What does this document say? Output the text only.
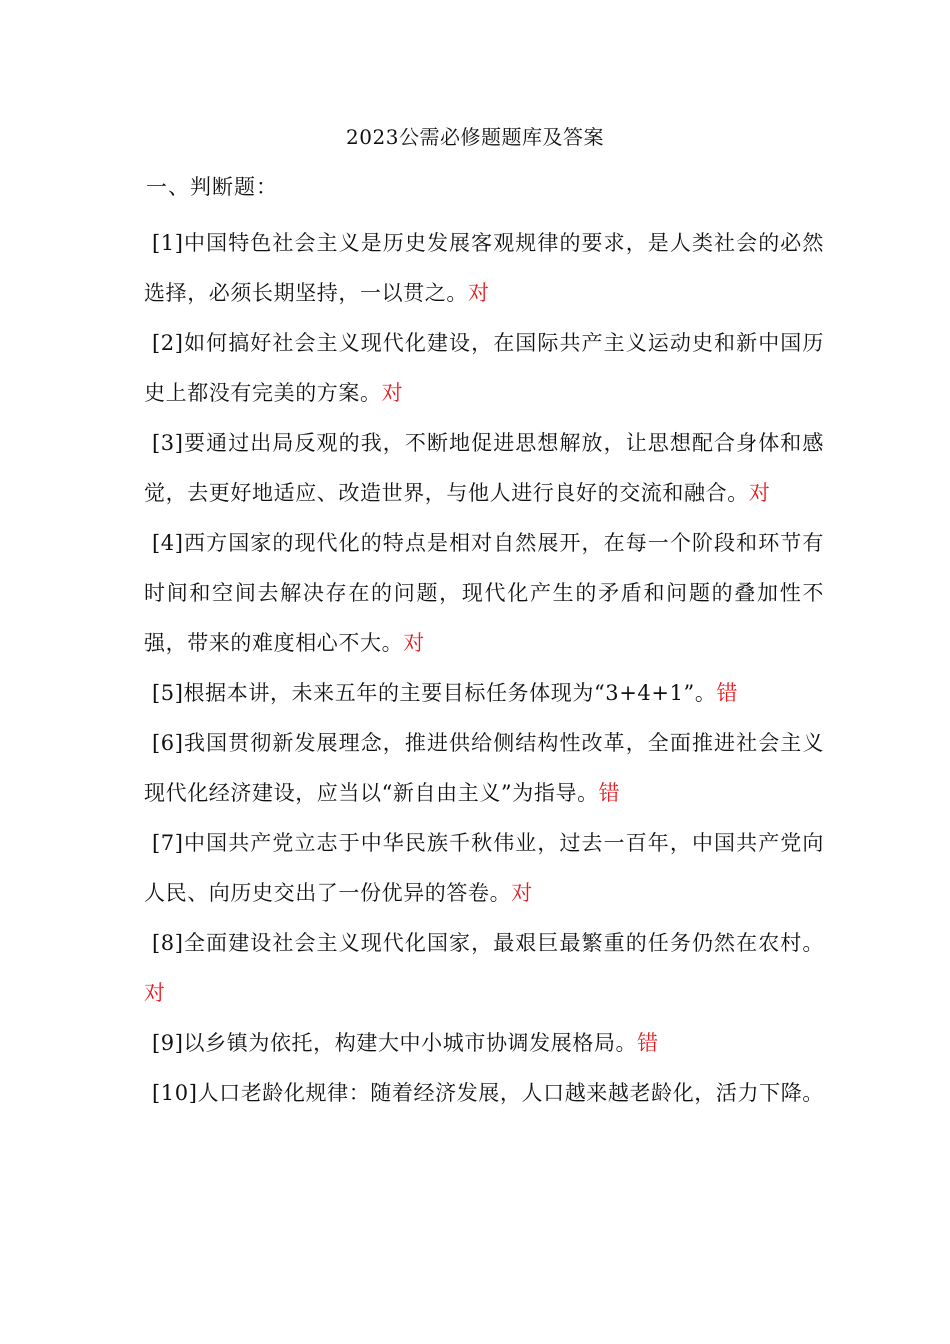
2023公需必修题题库及答案
一、判断题：

[1]中国特色社会主义是历史发展客观规律的要求，是人类社会的必然选择，必须长期坚持，一以贯之。对

[2]如何搞好社会主义现代化建设，在国际共产主义运动史和新中国历史上都没有完美的方案。对

[3]要通过出局反观的我，不断地促进思想解放，让思想配合身体和感觉，去更好地适应、改造世界，与他人进行良好的交流和融合。对

[4]西方国家的现代化的特点是相对自然展开，在每一个阶段和环节有时间和空间去解决存在的问题，现代化产生的矛盾和问题的叠加性不强，带来的难度相心不大。对

[5]根据本讲，未来五年的主要目标任务体现为“3+4+1”。错

[6]我国贯彻新发展理念，推进供给侧结构性改革，全面推进社会主义现代化经济建设，应当以“新自由主义”为指导。错

[7]中国共产党立志于中华民族千秋伟业，过去一百年，中国共产党向人民、向历史交出了一份优异的答卷。对

[8]全面建设社会主义现代化国家，最艰巨最繁重的任务仍然在农村。对

[9]以乡镇为依托，构建大中小城市协调发展格局。错

[10]人口老龄化规律：随着经济发展，人口越来越老龄化，活力下降。
